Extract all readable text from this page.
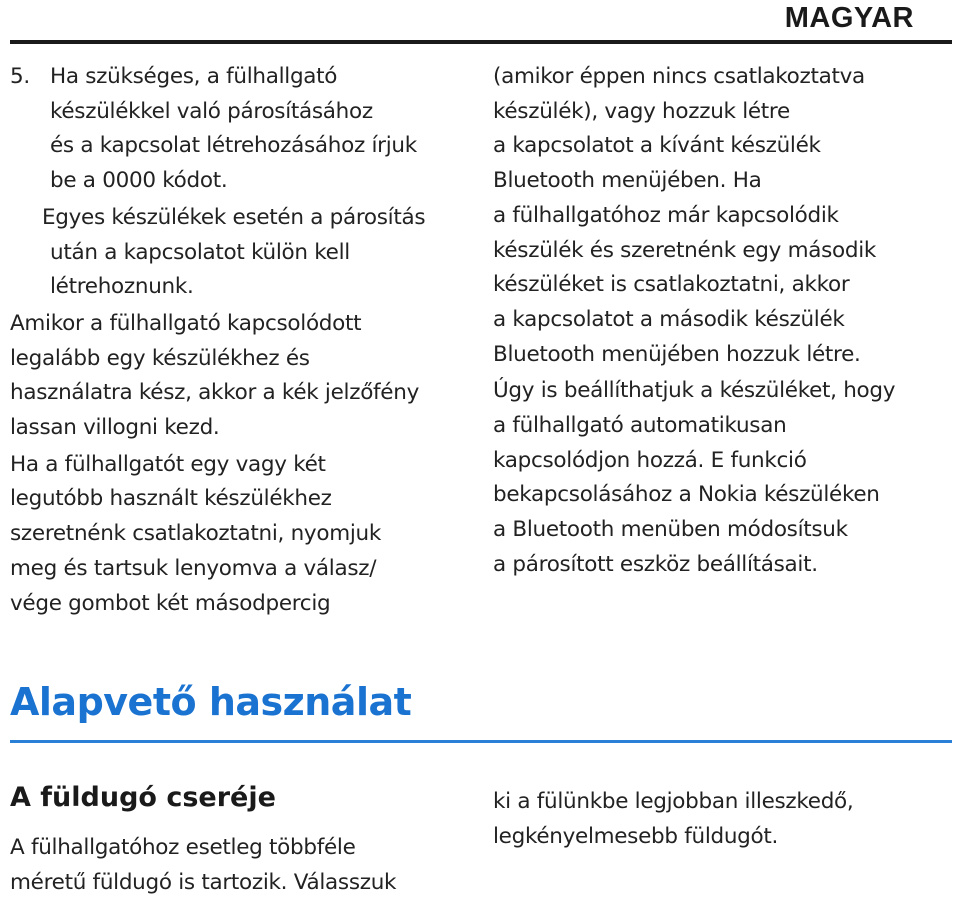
MAGYAR

5. Ha szükséges, a fülhallgató

készülékkel való párosításához

és a kapcsolat létrehozásához írjuk

be a 0000 kódot.

Egyes készülékek esetén a párosítás

után a kapcsolatot külön kell

létrehoznunk.

Amikor a fülhallgató kapcsolódott

legalább egy készülékhez és

használatra kész, akkor a kék jelzőfény

lassan villogni kezd.

Ha a fülhallgatót egy vagy két

legutóbb használt készülékhez

szeretnénk csatlakoztatni, nyomjuk

meg és tartsuk lenyomva a válasz/

vége gombot két másodpercig

(amikor éppen nincs csatlakoztatva

készülék), vagy hozzuk létre

a kapcsolatot a kívánt készülék

Bluetooth menüjében. Ha

a fülhallgatóhoz már kapcsolódik

készülék és szeretnénk egy második

készüléket is csatlakoztatni, akkor

a kapcsolatot a második készülék

Bluetooth menüjében hozzuk létre.

Úgy is beállíthatjuk a készüléket, hogy

a fülhallgató automatikusan

kapcsolódjon hozzá. E funkció

bekapcsolásához a Nokia készüléken

a Bluetooth menüben módosítsuk

a párosított eszköz beállításait.

Alapvető használat
A füldugó cseréje

A fülhallgatóhoz esetleg többféle

méretű füldugó is tartozik. Válasszuk

ki a fülünkbe legjobban illeszkedő,

legkényelmesebb füldugót.
